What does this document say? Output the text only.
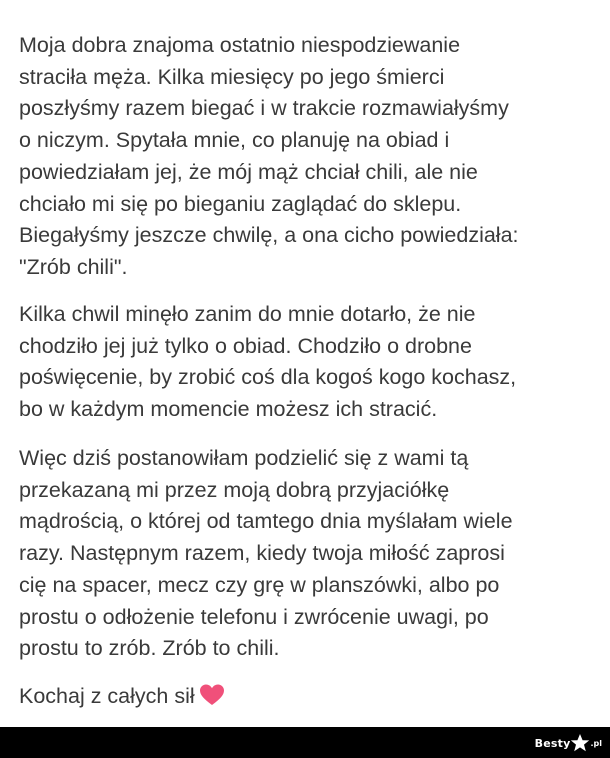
Moja dobra znajoma ostatnio niespodziewanie
straciła męża. Kilka miesięcy po jego śmierci
poszłyśmy razem biegać i w trakcie rozmawiałyśmy
o niczym. Spytała mnie, co planuję na obiad i
powiedziałam jej, że mój mąż chciał chili, ale nie
chciało mi się po bieganiu zaglądać do sklepu.
Biegałyśmy jeszcze chwilę, a ona cicho powiedziała:
"Zrób chili".

Kilka chwil minęło zanim do mnie dotarło, że nie
chodziło jej już tylko o obiad. Chodziło o drobne
poświęcenie, by zrobić coś dla kogoś kogo kochasz,
bo w każdym momencie możesz ich stracić.

Więc dziś postanowiłam podzielić się z wami tą
przekazaną mi przez moją dobrą przyjaciółkę
mądrością, o której od tamtego dnia myślałam wiele
razy. Następnym razem, kiedy twoja miłość zaprosi
cię na spacer, mecz czy grę w planszówki, albo po
prostu o odłożenie telefonu i zwrócenie uwagi, po
prostu to zrób. Zrób to chili.

Kochaj z całych sił

Besty	.pl
